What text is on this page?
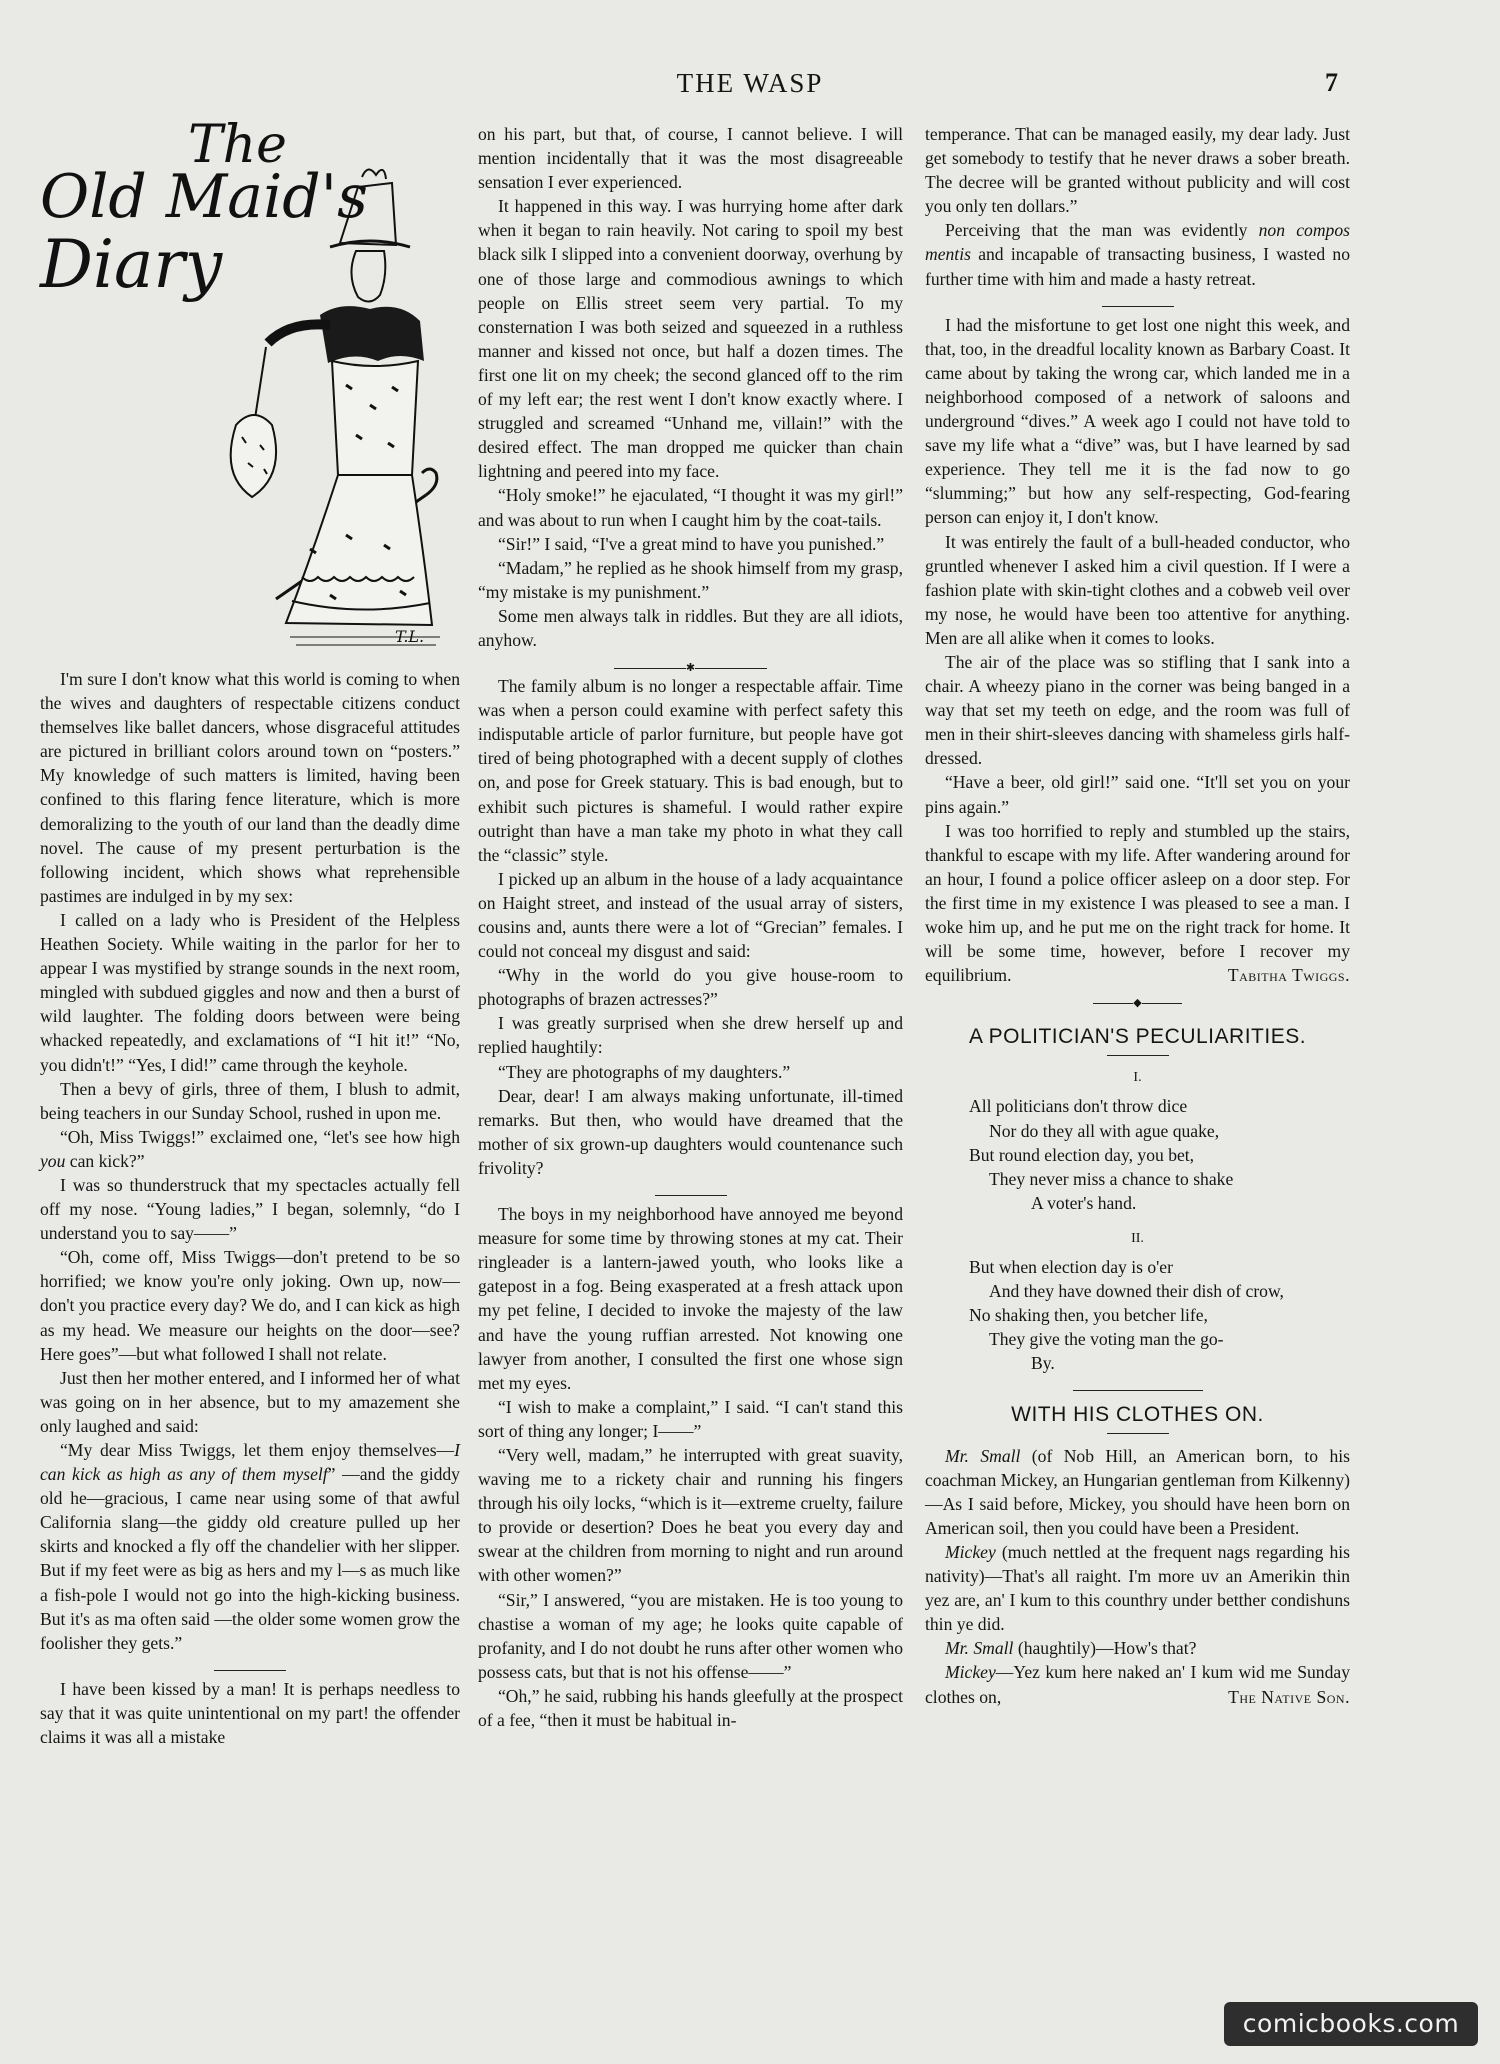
THE WASP	7
The
Old Maid's
Diary
T.L.

I'm sure I don't know what this world is coming to when the wives and daughters of respectable citizens conduct themselves like ballet dancers, whose disgraceful attitudes are pictured in brilliant colors around town on “posters.” My knowledge of such matters is limited, having been confined to this flaring fence literature, which is more demoralizing to the youth of our land than the deadly dime novel. The cause of my present perturbation is the following incident, which shows what reprehensible pastimes are indulged in by my sex:

I called on a lady who is President of the Helpless Heathen Society. While waiting in the parlor for her to appear I was mystified by strange sounds in the next room, mingled with subdued giggles and now and then a burst of wild laughter. The folding doors between were being whacked repeatedly, and exclamations of “I hit it!” “No, you didn't!” “Yes, I did!” came through the keyhole.

Then a bevy of girls, three of them, I blush to admit, being teachers in our Sunday School, rushed in upon me.

“Oh, Miss Twiggs!” exclaimed one, “let's see how high you can kick?”

I was so thunderstruck that my spectacles actually fell off my nose. “Young ladies,” I began, solemnly, “do I understand you to say——”

“Oh, come off, Miss Twiggs—don't pretend to be so horrified; we know you're only joking. Own up, now—don't you practice every day? We do, and I can kick as high as my head. We measure our heights on the door—see? Here goes”—but what followed I shall not relate.

Just then her mother entered, and I informed her of what was going on in her absence, but to my amazement she only laughed and said:

“My dear Miss Twiggs, let them enjoy themselves—I can kick as high as any of them myself” —and the giddy old he—gracious, I came near using some of that awful California slang—the giddy old creature pulled up her skirts and knocked a fly off the chandelier with her slipper. But if my feet were as big as hers and my l—s as much like a fish-pole I would not go into the high-kicking business. But it's as ma often said —the older some women grow the foolisher they gets.”

I have been kissed by a man! It is perhaps needless to say that it was quite unintentional on my part! the offender claims it was all a mistake

on his part, but that, of course, I cannot believe. I will mention incidentally that it was the most disagreeable sensation I ever experienced.

It happened in this way. I was hurrying home after dark when it began to rain heavily. Not caring to spoil my best black silk I slipped into a convenient doorway, overhung by one of those large and commodious awnings to which people on Ellis street seem very partial. To my consternation I was both seized and squeezed in a ruthless manner and kissed not once, but half a dozen times. The first one lit on my cheek; the second glanced off to the rim of my left ear; the rest went I don't know exactly where. I struggled and screamed “Unhand me, villain!” with the desired effect. The man dropped me quicker than chain lightning and peered into my face.

“Holy smoke!” he ejaculated, “I thought it was my girl!” and was about to run when I caught him by the coat-tails.

“Sir!” I said, “I've a great mind to have you punished.”

“Madam,” he replied as he shook himself from my grasp, “my mistake is my punishment.”

Some men always talk in riddles. But they are all idiots, anyhow.

✱

The family album is no longer a respectable affair. Time was when a person could examine with perfect safety this indisputable article of parlor furniture, but people have got tired of being photographed with a decent supply of clothes on, and pose for Greek statuary. This is bad enough, but to exhibit such pictures is shameful. I would rather expire outright than have a man take my photo in what they call the “classic” style.

I picked up an album in the house of a lady acquaintance on Haight street, and instead of the usual array of sisters, cousins and, aunts there were a lot of “Grecian” females. I could not conceal my disgust and said:

“Why in the world do you give house-room to photographs of brazen actresses?”

I was greatly surprised when she drew herself up and replied haughtily:

“They are photographs of my daughters.”

Dear, dear! I am always making unfortunate, ill-timed remarks. But then, who would have dreamed that the mother of six grown-up daughters would countenance such frivolity?

The boys in my neighborhood have annoyed me beyond measure for some time by throwing stones at my cat. Their ringleader is a lantern-jawed youth, who looks like a gatepost in a fog. Being exasperated at a fresh attack upon my pet feline, I decided to invoke the majesty of the law and have the young ruffian arrested. Not knowing one lawyer from another, I consulted the first one whose sign met my eyes.

“I wish to make a complaint,” I said. “I can't stand this sort of thing any longer; I——”

“Very well, madam,” he interrupted with great suavity, waving me to a rickety chair and running his fingers through his oily locks, “which is it—extreme cruelty, failure to provide or desertion? Does he beat you every day and swear at the children from morning to night and run around with other women?”

“Sir,” I answered, “you are mistaken. He is too young to chastise a woman of my age; he looks quite capable of profanity, and I do not doubt he runs after other women who possess cats, but that is not his offense——”

“Oh,” he said, rubbing his hands gleefully at the prospect of a fee, “then it must be habitual in-

temperance. That can be managed easily, my dear lady. Just get somebody to testify that he never draws a sober breath. The decree will be granted without publicity and will cost you only ten dollars.”

Perceiving that the man was evidently non compos mentis and incapable of transacting business, I wasted no further time with him and made a hasty retreat.

I had the misfortune to get lost one night this week, and that, too, in the dreadful locality known as Barbary Coast. It came about by taking the wrong car, which landed me in a neighborhood composed of a network of saloons and underground “dives.” A week ago I could not have told to save my life what a “dive” was, but I have learned by sad experience. They tell me it is the fad now to go “slumming;” but how any self-respecting, God-fearing person can enjoy it, I don't know.

It was entirely the fault of a bull-headed conductor, who gruntled whenever I asked him a civil question. If I were a fashion plate with skin-tight clothes and a cobweb veil over my nose, he would have been too attentive for anything. Men are all alike when it comes to looks.

The air of the place was so stifling that I sank into a chair. A wheezy piano in the corner was being banged in a way that set my teeth on edge, and the room was full of men in their shirt-sleeves dancing with shameless girls half-dressed.

“Have a beer, old girl!” said one. “It'll set you on your pins again.”

I was too horrified to reply and stumbled up the stairs, thankful to escape with my life. After wandering around for an hour, I found a police officer asleep on a door step. For the first time in my existence I was pleased to see a man. I woke him up, and he put me on the right track for home. It will be some time, however, before I recover my equilibrium.	Tabitha Twiggs.

◆
A POLITICIAN'S PECULIARITIES.
I.
All politicians don't throw dice
Nor do they all with ague quake,
But round election day, you bet,
They never miss a chance to shake
A voter's hand.
II.
But when election day is o'er
And they have downed their dish of crow,
No shaking then, you betcher life,
They give the voting man the go-
By.
WITH HIS CLOTHES ON.

Mr. Small (of Nob Hill, an American born, to his coachman Mickey, an Hungarian gentleman from Kilkenny)—As I said before, Mickey, you should have heen born on American soil, then you could have been a President.

Mickey (much nettled at the frequent nags regarding his nativity)—That's all raight. I'm more uv an Amerikin thin yez are, an' I kum to this counthry under betther condishuns thin ye did.

Mr. Small (haughtily)—How's that?

Mickey—Yez kum here naked an' I kum wid me Sunday clothes on,	The Native Son.

comicbooks.com
